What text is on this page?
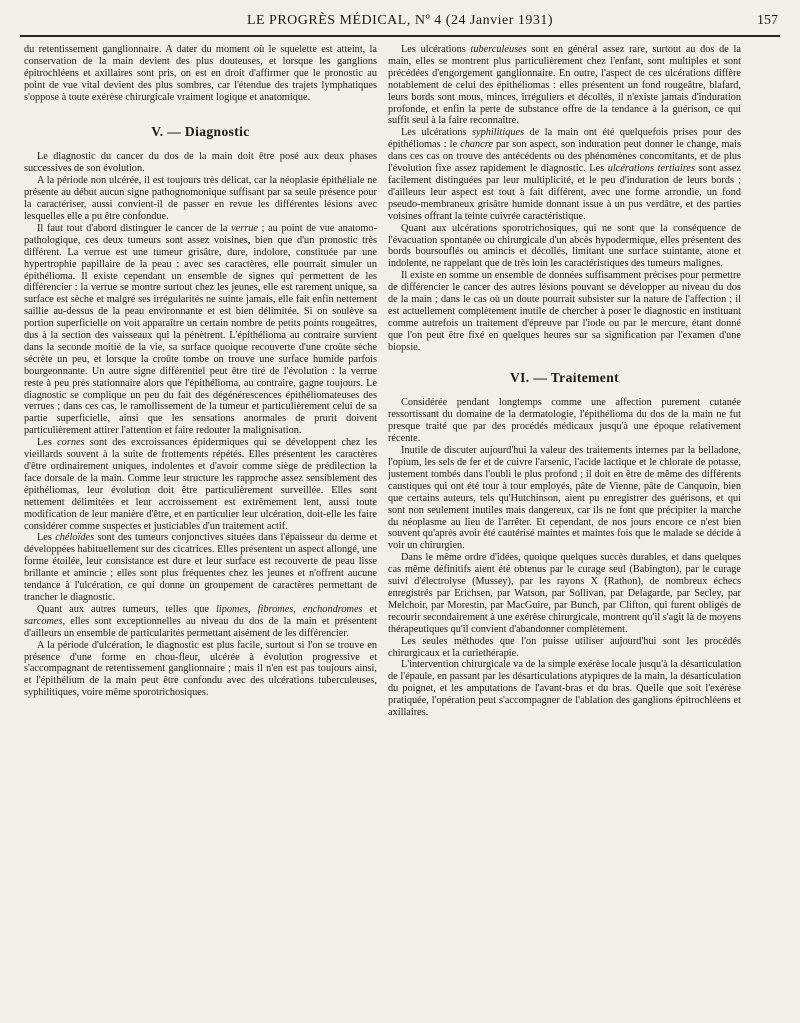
LE PROGRÈS MÉDICAL, Nº 4 (24 Janvier 1931)	157

du retentissement ganglionnaire. A dater du moment où le squelette est atteint, la conservation de la main devient des plus douteuses, et lorsque les ganglions épitrochléens et axillaires sont pris, on est en droit d'affirmer que le pronostic au point de vue vital devient des plus sombres, car l'étendue des trajets lymphatiques s'oppose à toute exérèse chirurgicale vraiment logique et anatomique.

V. — Diagnostic

Le diagnostic du cancer du dos de la main doit être posé aux deux phases successives de son évolution.

A la période non ulcérée, il est toujours très délicat, car la néoplasie épithéliale ne présente au début aucun signe pathognomonique suffisant par sa seule présence pour la caractériser, aussi convient-il de passer en revue les différentes lésions avec lesquelles elle a pu être confondue.

Il faut tout d'abord distinguer le cancer de la verrue ; au point de vue anatomo-pathologique, ces deux tumeurs sont assez voisines, bien que d'un pronostic très différent. La verrue est une tumeur grisâtre, dure, indolore, constituée par une hypertrophie papillaire de la peau : avec ses caractères, elle pourrait simuler un épithélioma. Il existe cependant un ensemble de signes qui permettent de les différencier : la verrue se montre surtout chez les jeunes, elle est rarement unique, sa surface est sèche et malgré ses irrégularités ne suinte jamais, elle fait enfin nettement saillie au-dessus de la peau environnante et est bien délimitée. Si on soulève sa portion superficielle on voit apparaître un certain nombre de petits points rougeâtres, dus à la section des vaisseaux qui la pénètrent. L'épithélioma au contraire survient dans la seconde moitié de la vie, sa surface quoique recouverte d'une croûte sèche sécrète un peu, et lorsque la croûte tombe on trouve une surface humide parfois bourgeonnante. Un autre signe différentiel peut être tiré de l'évolution : la verrue reste à peu près stationnaire alors que l'épithélioma, au contraire, gagne toujours. Le diagnostic se complique un peu du fait des dégénérescences épithéliomateuses des verrues ; dans ces cas, le ramollissement de la tumeur et particulièrement celui de sa partie superficielle, ainsi que les sensations anormales de prurit doivent particulièrement attirer l'attention et faire redouter la malignisation.

Les cornes sont des excroissances épidermiques qui se développent chez les vieillards souvent à la suite de frottements répétés. Elles présentent les caractères d'être ordinairement uniques, indolentes et d'avoir comme siège de prédilection la face dorsale de la main. Comme leur structure les rapproche assez sensiblement des épithéliomas, leur évolution doit être particulièrement surveillée. Elles sont nettement délimitées et leur accroissement est extrêmement lent, aussi toute modification de leur manière d'être, et en particulier leur ulcération, doit-elle les faire considérer comme suspectes et justiciables d'un traitement actif.

Les chéloïdes sont des tumeurs conjonctives situées dans l'épaisseur du derme et développées habituellement sur des cicatrices. Elles présentent un aspect allongé, une forme étoilée, leur consistance est dure et leur surface est recouverte de peau lisse brillante et amincie ; elles sont plus fréquentes chez les jeunes et n'offrent aucune tendance à l'ulcération, ce qui donne un groupement de caractères permettant de trancher le diagnostic.

Quant aux autres tumeurs, telles que lipomes, fibromes, enchondromes et sarcomes, elles sont exceptionnelles au niveau du dos de la main et présentent d'ailleurs un ensemble de particularités permettant aisément de les différencier.

A la période d'ulcération, le diagnostic est plus facile, surtout si l'on se trouve en présence d'une forme en chou-fleur, ulcérée à évolution progressive et s'accompagnant de retentissement ganglionnaire ; mais il n'en est pas toujours ainsi, et l'épithélium de la main peut être confondu avec des ulcérations tuberculeuses, syphilitiques, voire même sporotrichosiques.

Les ulcérations tuberculeuses sont en général assez rare, surtout au dos de la main, elles se montrent plus particulièrement chez l'enfant, sont multiples et sont précédées d'engorgement ganglionnaire. En outre, l'aspect de ces ulcérations diffère notablement de celui des épithéliomas : elles présentent un fond rougeâtre, blafard, leurs bords sont mous, minces, irréguliers et décollés, il n'existe jamais d'induration profonde, et enfin la perte de substance offre de la tendance à la guérison, ce qui suffit seul à la faire reconnaître.

Les ulcérations syphilitiques de la main ont été quelquefois prises pour des épithéliomas : le chancre par son aspect, son induration peut donner le change, mais dans ces cas on trouve des antécédents ou des phénomènes concomitants, et de plus l'évolution fixe assez rapidement le diagnostic. Les ulcérations tertiaires sont assez facilement distinguées par leur multiplicité, et le peu d'induration de leurs bords ; d'ailleurs leur aspect est tout à fait différent, avec une forme arrondie, un fond pseudo-membraneux grisâtre humide donnant issue à un pus verdâtre, et des parties voisines offrant la teinte cuivrée caractéristique.

Quant aux ulcérations sporotrichosiques, qui ne sont que la conséquence de l'évacuation spontanée ou chirurgicale d'un abcès hypodermique, elles présentent des bords boursouflés ou amincis et décollés, limitant une surface suintante, atone et indolente, ne rappelant que de très loin les caractéristiques des tumeurs malignes.

Il existe en somme un ensemble de données suffisamment précises pour permettre de différencier le cancer des autres lésions pouvant se développer au niveau du dos de la main ; dans le cas où un doute pourrait subsister sur la nature de l'affection ; il est actuellement complètement inutile de chercher à poser le diagnostic en instituant comme autrefois un traitement d'épreuve par l'iode ou par le mercure, étant donné que l'on peut être fixé en quelques heures sur sa signification par l'examen d'une biopsie.

VI. — Traitement

Considérée pendant longtemps comme une affection purement cutanée ressortissant du domaine de la dermatologie, l'épithélioma du dos de la main ne fut presque traité que par des procédés médicaux jusqu'à une époque relativement récente.

Inutile de discuter aujourd'hui la valeur des traitements internes par la belladone, l'opium, les sels de fer et de cuivre l'arsenic, l'acide lactique et le chlorate de potasse, justement tombés dans l'oubli le plus profond ; il doit en être de même des différents caustiques qui ont été tour à tour employés, pâte de Vienne, pâte de Canquoin, bien que certains auteurs, tels qu'Hutchinson, aient pu enregistrer des guérisons, et qui sont non seulement inutiles mais dangereux, car ils ne font que précipiter la marche du néoplasme au lieu de l'arrêter. Et cependant, de nos jours encore ce n'est bien souvent qu'après avoir été cautérisé maintes et maintes fois que le malade se décide à voir un chirurgien.

Dans le même ordre d'idées, quoique quelques succès durables, et dans quelques cas même définitifs aient été obtenus par le curage seul (Babington), par le curage suivi d'électrolyse (Mussey), par les rayons X (Rathon), de nombreux échecs enregistrés par Erichsen, par Watson, par Sollivan, par Delagarde, par Secley, par Melchoir, par Morestin, par MacGuire, par Bunch, par Clifton, qui furent obligés de recourir secondairement à une exérèse chirurgicale, montrent qu'il s'agit là de moyens thérapeutiques qu'il convient d'abandonner complètement.

Les seules méthodes que l'on puisse utiliser aujourd'hui sont les procédés chirurgicaux et la curiethérapie.

L'intervention chirurgicale va de la simple exérèse locale jusqu'à la désarticulation de l'épaule, en passant par les désarticulations atypiques de la main, la désarticulation du poignet, et les amputations de l'avant-bras et du bras. Quelle que soit l'exérèse pratiquée, l'opération peut s'accompagner de l'ablation des ganglions épitrochléens et axillaires.
